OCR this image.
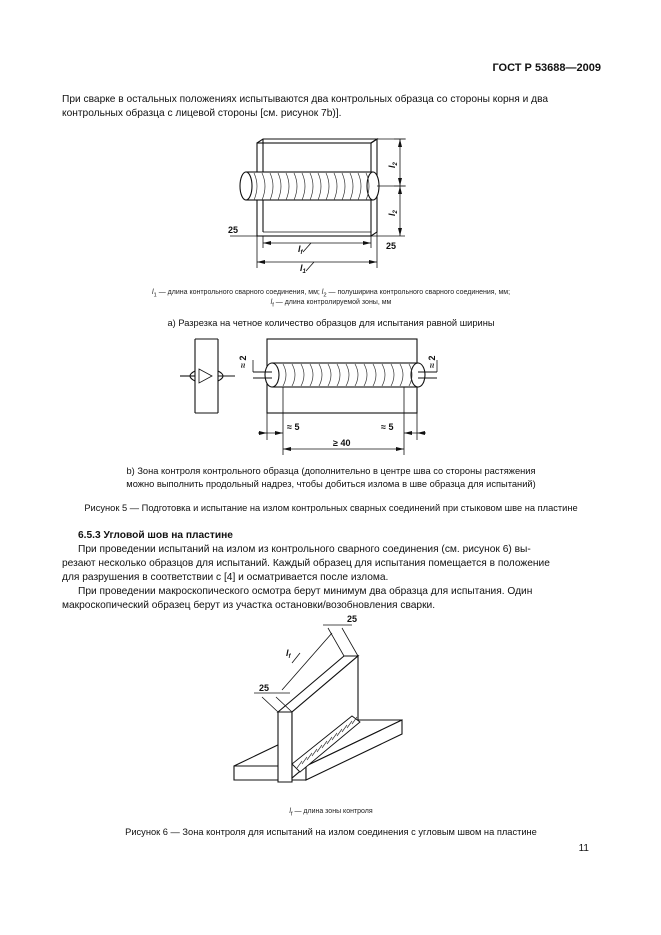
ГОСТ Р 53688—2009
При сварке в остальных положениях испытываются два контрольных образца со стороны корня и два
контрольных образца с лицевой стороны [см. рисунок 7b)].
25
25
$l_f$
$l_1$
$l_2$
$l_2$
$l_1$ — длина контрольного сварного соединения, мм; $l_2$ — полуширина контрольного сварного соединения, мм;
$l_f$ — длина контролируемой зоны, мм
a) Разрезка на четное количество образцов для испытания равной ширины
≈ 5	≈ 5
≥ 40
≈ 2	≈ 2
b) Зона контроля контрольного образца (дополнительно в центре шва со стороны растяжения
можно выполнить продольный надрез, чтобы добиться излома в шве образца для испытаний)
Рисунок 5 — Подготовка и испытание на излом контрольных сварных соединений при стыковом шве на пластине
6.5.3 Угловой шов на пластине
При проведении испытаний на излом из контрольного сварного соединения (см. рисунок 6) вы-
резают несколько образцов для испытаний. Каждый образец для испытания помещается в положение
для разрушения в соответствии с [4] и осматривается после излома.
При проведении макроскопического осмотра берут минимум два образца для испытания. Один
макроскопический образец берут из участка остановки/возобновления сварки.
25
25
$l_f$
$l_f$ — длина зоны контроля
Рисунок 6 — Зона контроля для испытаний на излом соединения с угловым швом на пластине
11
